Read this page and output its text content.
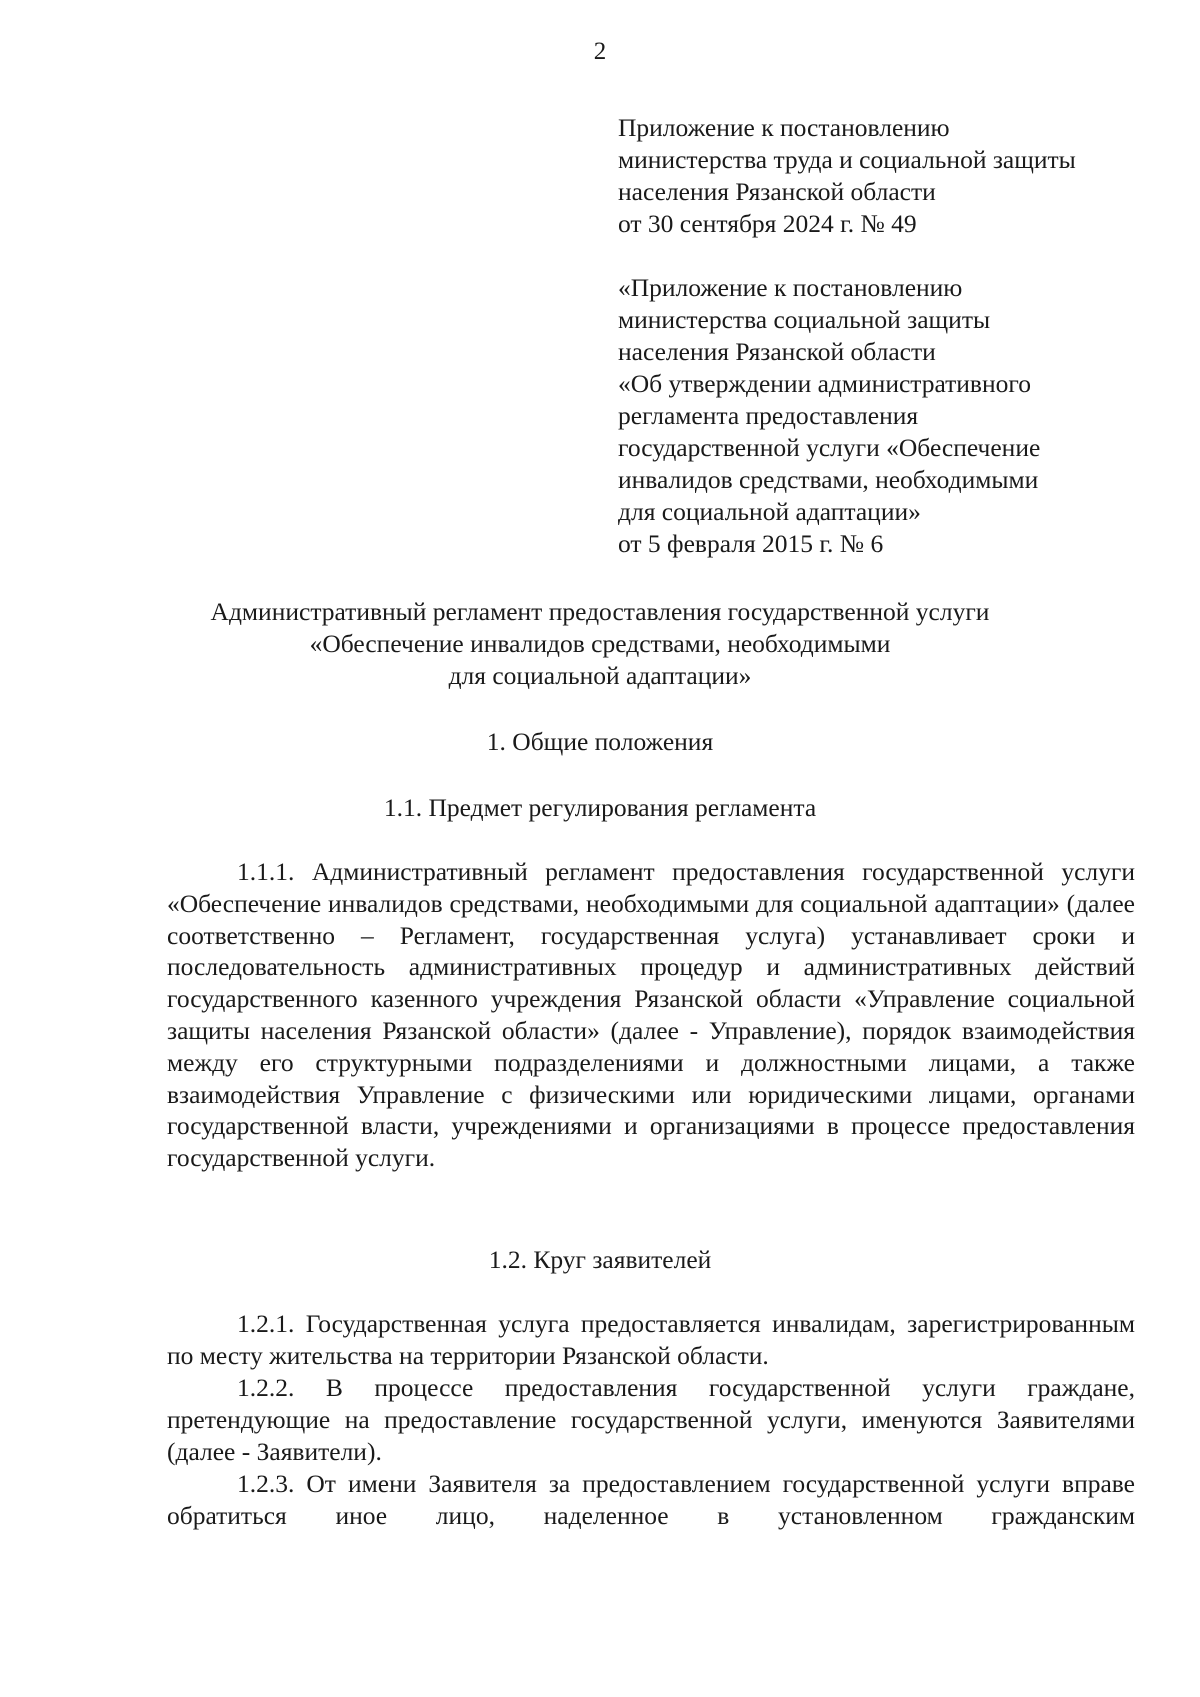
2
Приложение к постановлению
министерства труда и социальной защиты
населения Рязанской области
от 30 сентября 2024 г. № 49
«Приложение к постановлению
министерства социальной защиты
населения Рязанской области
«Об утверждении административного
регламента предоставления
государственной услуги «Обеспечение
инвалидов средствами, необходимыми
для социальной адаптации»
от 5 февраля 2015 г. № 6
Административный регламент предоставления государственной услуги
«Обеспечение инвалидов средствами, необходимыми
для социальной адаптации»
1. Общие положения
1.1. Предмет регулирования регламента
1.1.1. Административный регламент предоставления государственной услуги «Обеспечение инвалидов средствами, необходимыми для социальной адаптации» (далее соответственно – Регламент, государственная услуга) устанавливает сроки и последовательность административных процедур и административных действий государственного казенного учреждения Рязанской области «Управление социальной защиты населения Рязанской области» (далее - Управление), порядок взаимодействия между его структурными подразделениями и должностными лицами, а также взаимодействия Управление с физическими или юридическими лицами, органами государственной власти, учреждениями и организациями в процессе предоставления государственной услуги.
1.2. Круг заявителей
1.2.1. Государственная услуга предоставляется инвалидам, зарегистрированным по месту жительства на территории Рязанской области.
1.2.2. В процессе предоставления государственной услуги граждане, претендующие на предоставление государственной услуги, именуются Заявителями (далее - Заявители).
1.2.3. От имени Заявителя за предоставлением государственной услуги вправе обратиться иное лицо, наделенное в установленном гражданским
